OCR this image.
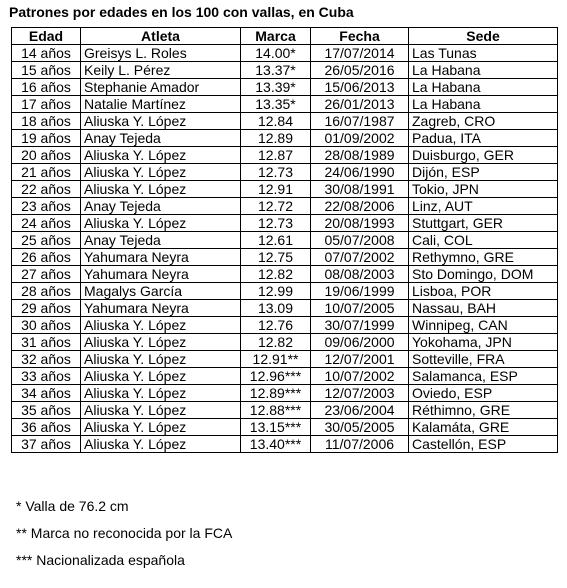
Patrones por edades en los 100 con vallas, en Cuba
Edad	Atleta	Marca	Fecha	Sede
14 años	Greisys L. Roles	14.00*	17/07/2014	Las Tunas
15 años	Keily L. Pérez	13.37*	26/05/2016	La Habana
16 años	Stephanie Amador	13.39*	15/06/2013	La Habana
17 años	Natalie Martínez	13.35*	26/01/2013	La Habana
18 años	Aliuska Y. López	12.84	16/07/1987	Zagreb, CRO
19 años	Anay Tejeda	12.89	01/09/2002	Padua, ITA
20 años	Aliuska Y. López	12.87	28/08/1989	Duisburgo, GER
21 años	Aliuska Y. López	12.73	24/06/1990	Dijón, ESP
22 años	Aliuska Y. López	12.91	30/08/1991	Tokio, JPN
23 años	Anay Tejeda	12.72	22/08/2006	Linz, AUT
24 años	Aliuska Y. López	12.73	20/08/1993	Stuttgart, GER
25 años	Anay Tejeda	12.61	05/07/2008	Cali, COL
26 años	Yahumara Neyra	12.75	07/07/2002	Rethymno, GRE
27 años	Yahumara Neyra	12.82	08/08/2003	Sto Domingo, DOM
28 años	Magalys García	12.99	19/06/1999	Lisboa, POR
29 años	Yahumara Neyra	13.09	10/07/2005	Nassau, BAH
30 años	Aliuska Y. López	12.76	30/07/1999	Winnipeg, CAN
31 años	Aliuska Y. López	12.82	09/06/2000	Yokohama, JPN
32 años	Aliuska Y. López	12.91**	12/07/2001	Sotteville, FRA
33 años	Aliuska Y. López	12.96***	10/07/2002	Salamanca, ESP
34 años	Aliuska Y. López	12.89***	12/07/2003	Oviedo, ESP
35 años	Aliuska Y. López	12.88***	23/06/2004	Réthimno, GRE
36 años	Aliuska Y. López	13.15***	30/05/2005	Kalamáta, GRE
37 años	Aliuska Y. López	13.40***	11/07/2006	Castellón, ESP
* Valla de 76.2 cm
** Marca no reconocida por la FCA
*** Nacionalizada española
